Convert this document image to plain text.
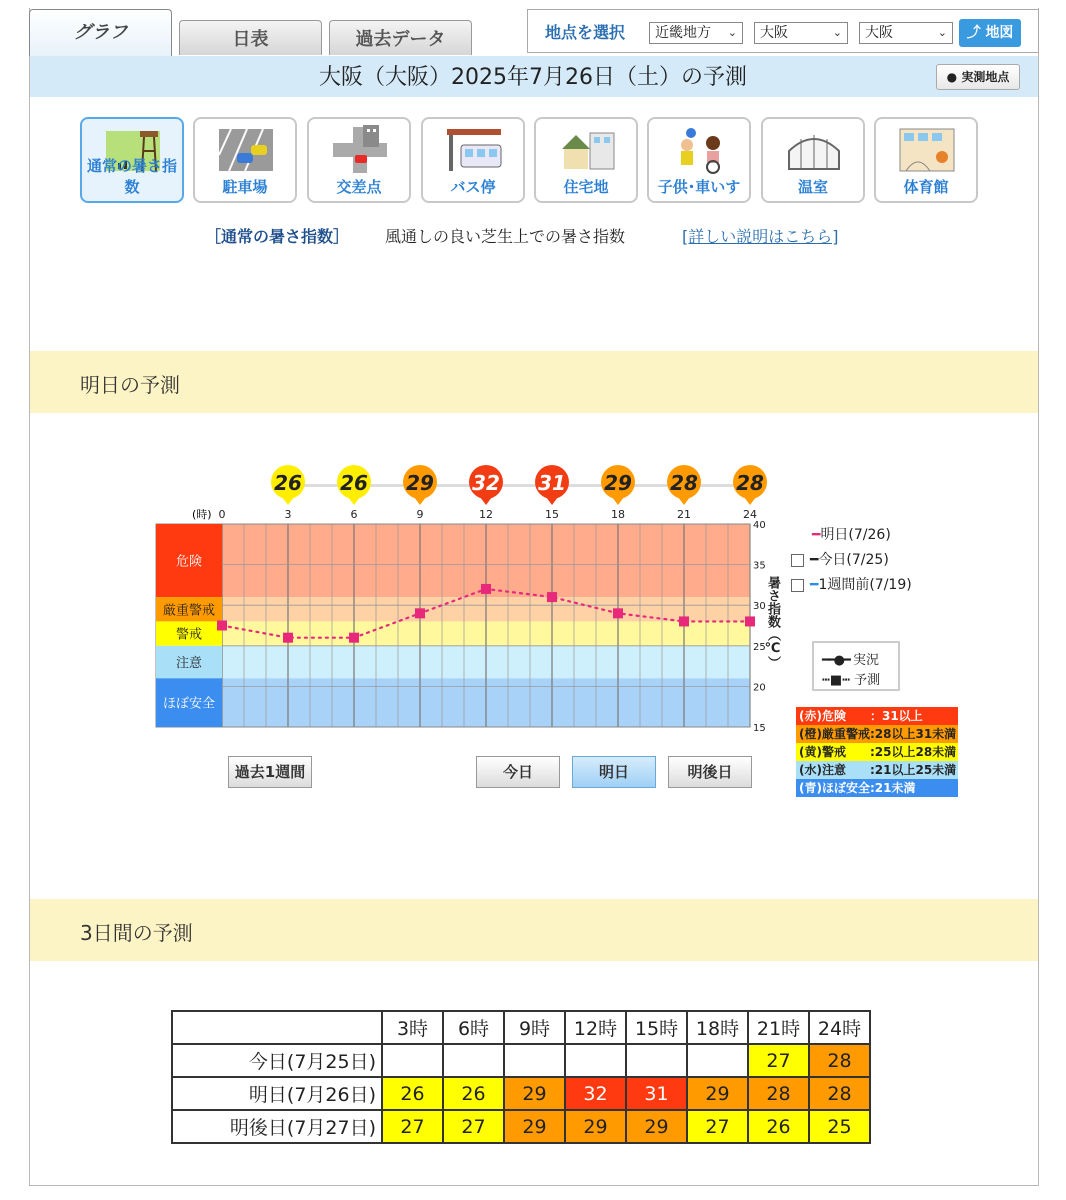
グラフ	日表	過去データ	地点を選択	近畿地方 ⌄	大阪	⌄	大阪	⌄	⤴ 地図
大阪（大阪）2025年7月26日（土）の予測	● 実測地点
通常の暑さ指数	駐車場	交差点	バス停	住宅地	子供･車いす	温室	体育館
［通常の暑さ指数］ 風通しの良い芝生上での暑さ指数	[詳しい説明はこちら]
明日の予測
26 26 29 32 31 29 28 28
危険
厳重警戒
警戒
注意
ほぼ安全
0	3	6	9	12	15	18	21	24
15
20
25
30
35
40
(時)
暑さ指数（℃）
━明日(7/26)
━今日(7/25)
━1週間前(7/19)
━━●━ 実況
┅■┅ 予測
(赤)危険　　：31以上
(橙)厳重警戒:28以上31未満
(黄)警戒　　:25以上28未満
(水)注意　　:21以上25未満
(青)ほぼ安全:21未満
過去1週間	今日	明日	明後日
3日間の予測
	3時	6時	9時	12時	15時	18時	21時	24時
今日(7月25日)							27	28
明日(7月26日)	26	26	29	32	31	29	28	28
明後日(7月27日)	27	27	29	29	29	27	26	25
